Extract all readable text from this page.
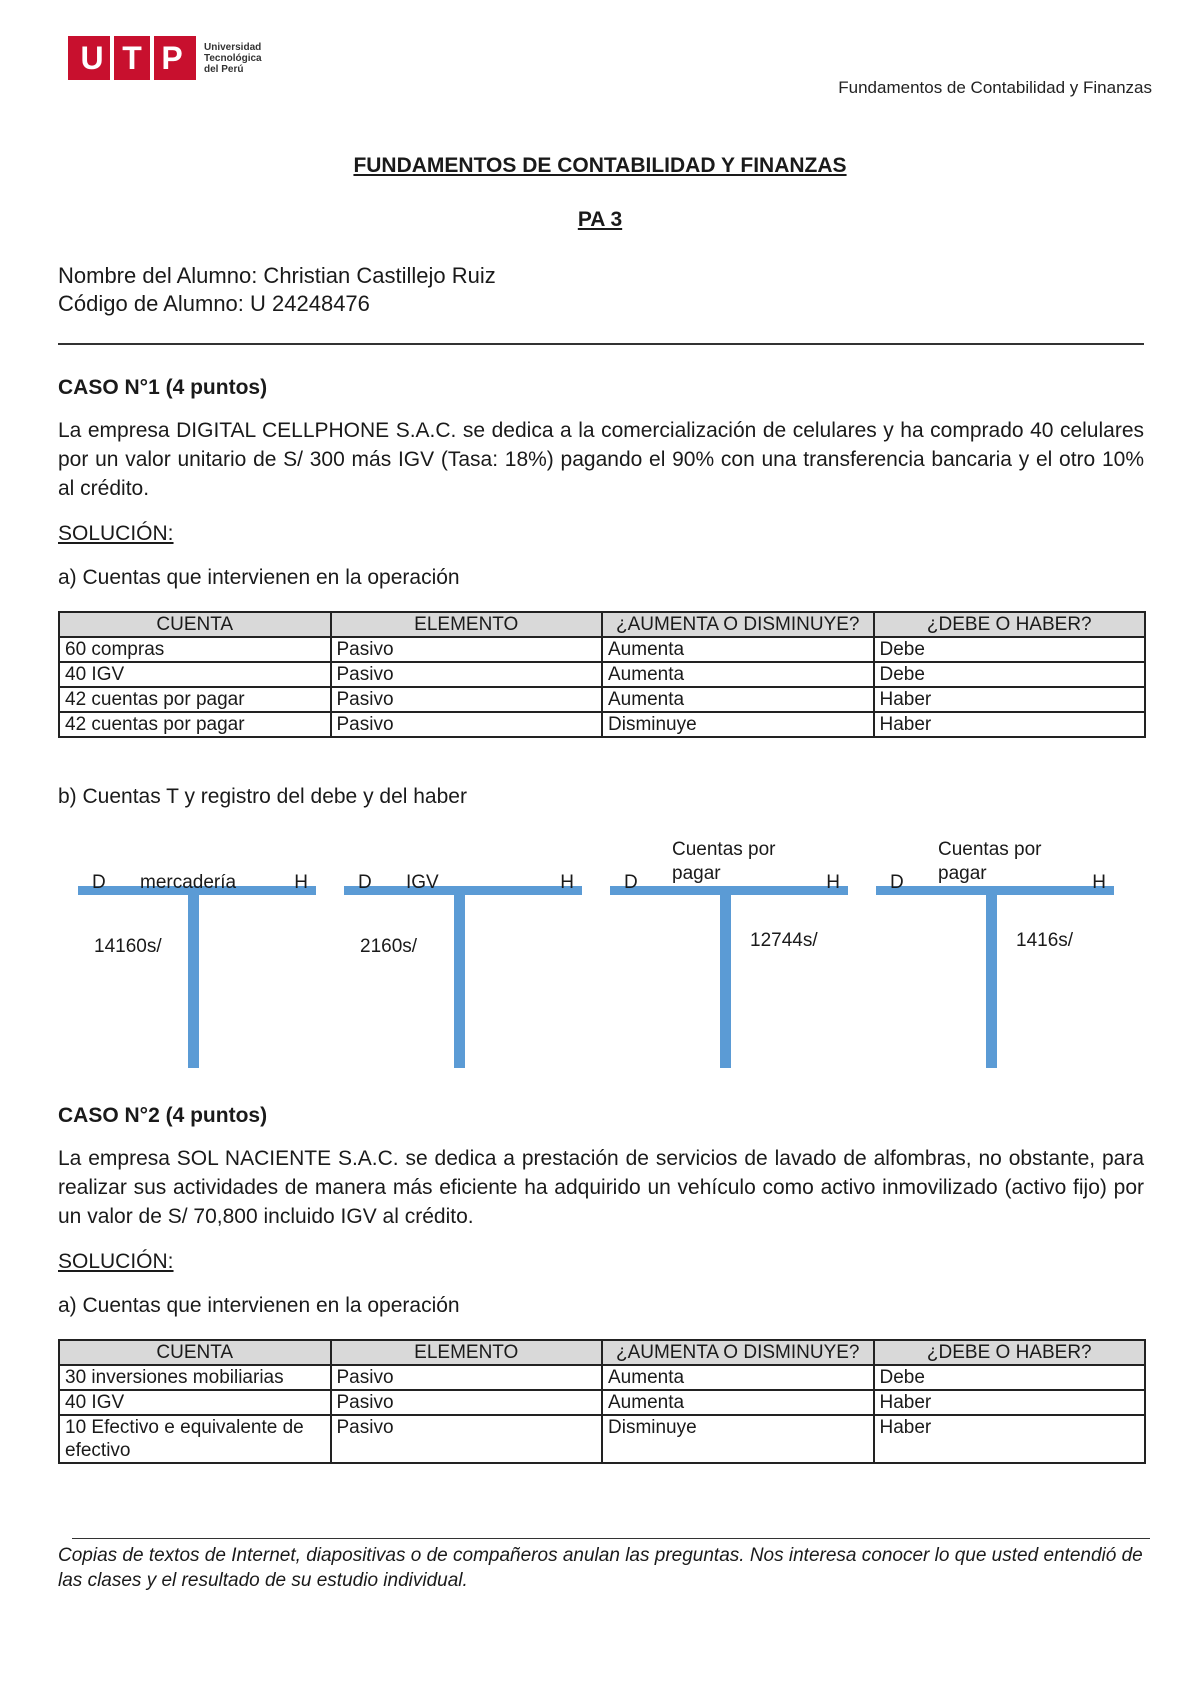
U T P	Universidad
Tecnológica
del Perú
Fundamentos de Contabilidad y Finanzas
FUNDAMENTOS DE CONTABILIDAD Y FINANZAS
PA 3
Nombre del Alumno: Christian Castillejo Ruiz
Código de Alumno: U 24248476
CASO N°1 (4 puntos)
La empresa DIGITAL CELLPHONE S.A.C. se dedica a la comercialización de celulares y ha comprado 40 celulares por un valor unitario de S/ 300 más IGV (Tasa: 18%) pagando el 90% con una transferencia bancaria y el otro 10% al crédito.
SOLUCIÓN:
a) Cuentas que intervienen en la operación
CUENTA	ELEMENTO	¿AUMENTA O DISMINUYE?	¿DEBE O HABER?
60 compras	Pasivo	Aumenta	Debe
40 IGV	Pasivo	Aumenta	Debe
42 cuentas por pagar	Pasivo	Aumenta	Haber
42 cuentas por pagar	Pasivo	Disminuye	Haber
b) Cuentas T y registro del debe y del haber
D mercadería	H
14160s/
D IGV	H
2160s/
D
Cuentas por pagar	H
12744s/
D
Cuentas por pagar	H
1416s/
CASO N°2 (4 puntos)
La empresa SOL NACIENTE S.A.C. se dedica a prestación de servicios de lavado de alfombras, no obstante, para realizar sus actividades de manera más eficiente ha adquirido un vehículo como activo inmovilizado (activo fijo) por un valor de S/ 70,800 incluido IGV al crédito.
SOLUCIÓN:
a) Cuentas que intervienen en la operación
CUENTA	ELEMENTO	¿AUMENTA O DISMINUYE?	¿DEBE O HABER?
30 inversiones mobiliarias	Pasivo	Aumenta	Debe
40 IGV	Pasivo	Aumenta	Haber
10 Efectivo e equivalente de efectivo	Pasivo	Disminuye	Haber
Copias de textos de Internet, diapositivas o de compañeros anulan las preguntas. Nos interesa conocer lo que usted entendió de las clases y el resultado de su estudio individual.
